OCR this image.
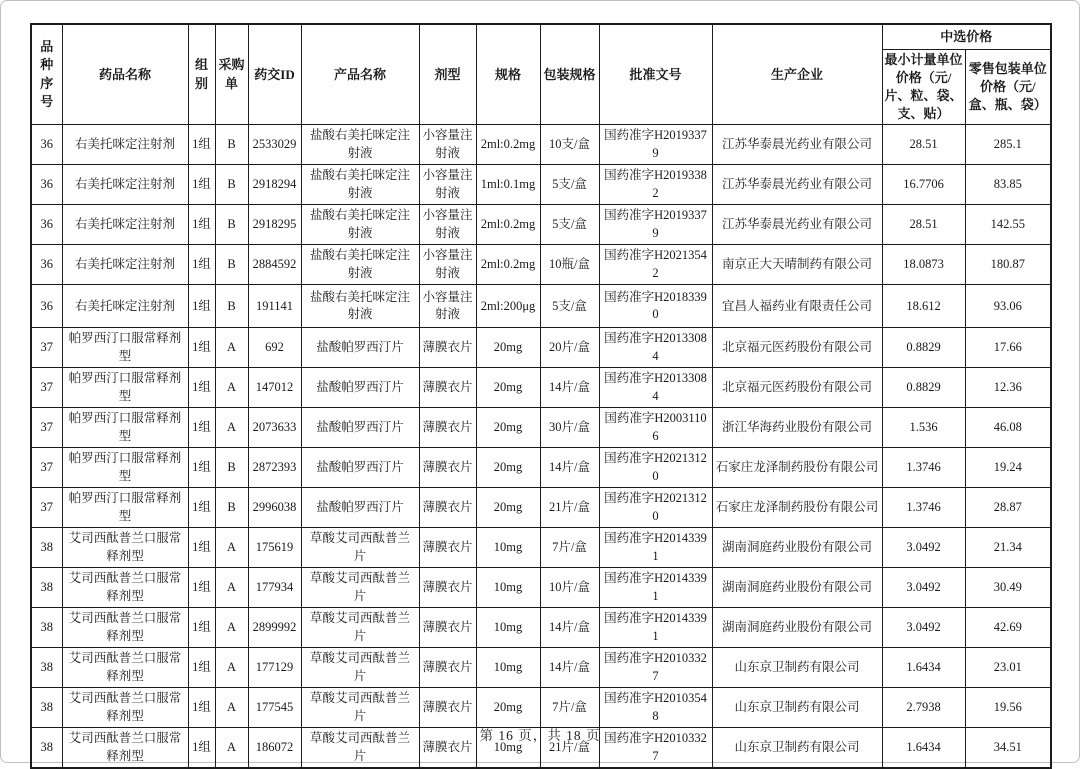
品种序号	药品名称	组别	采购单	药交ID	产品名称	剂型	规格	包装规格	批准文号	生产企业	中选价格	
											最小计量单位价格（元/片、粒、袋、支、贴）	零售包装单位价格（元/盒、瓶、袋）
36	右美托咪定注射剂	1组	B	2533029	盐酸右美托咪定注射液	小容量注射液	2ml:0.2mg	10支/盒	国药准字H20193379	江苏华泰晨光药业有限公司	28.51	285.1
36	右美托咪定注射剂	1组	B	2918294	盐酸右美托咪定注射液	小容量注射液	1ml:0.1mg	5支/盒	国药准字H20193382	江苏华泰晨光药业有限公司	16.7706	83.85
36	右美托咪定注射剂	1组	B	2918295	盐酸右美托咪定注射液	小容量注射液	2ml:0.2mg	5支/盒	国药准字H20193379	江苏华泰晨光药业有限公司	28.51	142.55
36	右美托咪定注射剂	1组	B	2884592	盐酸右美托咪定注射液	小容量注射液	2ml:0.2mg	10瓶/盒	国药准字H20213542	南京正大天晴制药有限公司	18.0873	180.87
36	右美托咪定注射剂	1组	B	191141	盐酸右美托咪定注射液	小容量注射液	2ml:200μg	5支/盒	国药准字H20183390	宜昌人福药业有限责任公司	18.612	93.06
37	帕罗西汀口服常释剂型	1组	A	692	盐酸帕罗西汀片	薄膜衣片	20mg	20片/盒	国药准字H20133084	北京福元医药股份有限公司	0.8829	17.66
37	帕罗西汀口服常释剂型	1组	A	147012	盐酸帕罗西汀片	薄膜衣片	20mg	14片/盒	国药准字H20133084	北京福元医药股份有限公司	0.8829	12.36
37	帕罗西汀口服常释剂型	1组	A	2073633	盐酸帕罗西汀片	薄膜衣片	20mg	30片/盒	国药准字H20031106	浙江华海药业股份有限公司	1.536	46.08
37	帕罗西汀口服常释剂型	1组	B	2872393	盐酸帕罗西汀片	薄膜衣片	20mg	14片/盒	国药准字H20213120	石家庄龙泽制药股份有限公司	1.3746	19.24
37	帕罗西汀口服常释剂型	1组	B	2996038	盐酸帕罗西汀片	薄膜衣片	20mg	21片/盒	国药准字H20213120	石家庄龙泽制药股份有限公司	1.3746	28.87
38	艾司西酞普兰口服常释剂型	1组	A	175619	草酸艾司西酞普兰片	薄膜衣片	10mg	7片/盒	国药准字H20143391	湖南洞庭药业股份有限公司	3.0492	21.34
38	艾司西酞普兰口服常释剂型	1组	A	177934	草酸艾司西酞普兰片	薄膜衣片	10mg	10片/盒	国药准字H20143391	湖南洞庭药业股份有限公司	3.0492	30.49
38	艾司西酞普兰口服常释剂型	1组	A	2899992	草酸艾司西酞普兰片	薄膜衣片	10mg	14片/盒	国药准字H20143391	湖南洞庭药业股份有限公司	3.0492	42.69
38	艾司西酞普兰口服常释剂型	1组	A	177129	草酸艾司西酞普兰片	薄膜衣片	10mg	14片/盒	国药准字H20103327	山东京卫制药有限公司	1.6434	23.01
38	艾司西酞普兰口服常释剂型	1组	A	177545	草酸艾司西酞普兰片	薄膜衣片	20mg	7片/盒	国药准字H20103548	山东京卫制药有限公司	2.7938	19.56
38	艾司西酞普兰口服常释剂型	1组	A	186072	草酸艾司西酞普兰片	薄膜衣片	10mg	21片/盒	国药准字H20103327	山东京卫制药有限公司	1.6434	34.51
第 16 页，共 18 页
